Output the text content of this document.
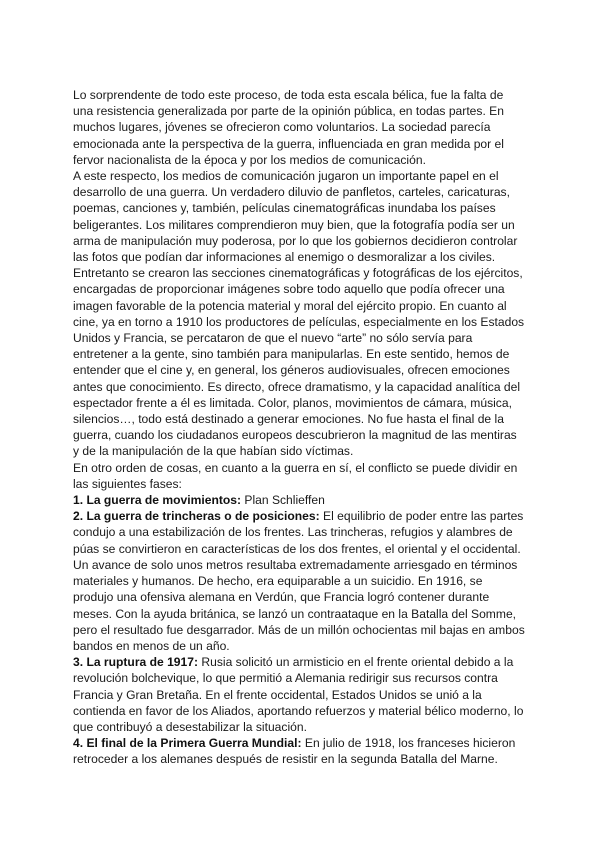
Lo sorprendente de todo este proceso, de toda esta escala bélica, fue la falta de una resistencia generalizada por parte de la opinión pública, en todas partes. En muchos lugares, jóvenes se ofrecieron como voluntarios. La sociedad parecía emocionada ante la perspectiva de la guerra, influenciada en gran medida por el fervor nacionalista de la época y por los medios de comunicación.

A este respecto, los medios de comunicación jugaron un importante papel en el desarrollo de una guerra. Un verdadero diluvio de panfletos, carteles, caricaturas, poemas, canciones y, también, películas cinematográficas inundaba los países beligerantes. Los militares comprendieron muy bien, que la fotografía podía ser un arma de manipulación muy poderosa, por lo que los gobiernos decidieron controlar las fotos que podían dar informaciones al enemigo o desmoralizar a los civiles. Entretanto se crearon las secciones cinematográficas y fotográficas de los ejércitos, encargadas de proporcionar imágenes sobre todo aquello que podía ofrecer una imagen favorable de la potencia material y moral del ejército propio. En cuanto al cine, ya en torno a 1910 los productores de películas, especialmente en los Estados Unidos y Francia, se percataron de que el nuevo “arte” no sólo servía para entretener a la gente, sino también para manipularlas. En este sentido, hemos de entender que el cine y, en general, los géneros audiovisuales, ofrecen emociones antes que conocimiento. Es directo, ofrece dramatismo, y la capacidad analítica del espectador frente a él es limitada. Color, planos, movimientos de cámara, música, silencios…, todo está destinado a generar emociones. No fue hasta el final de la guerra, cuando los ciudadanos europeos descubrieron la magnitud de las mentiras y de la manipulación de la que habían sido víctimas.

En otro orden de cosas, en cuanto a la guerra en sí, el conflicto se puede dividir en las siguientes fases:

1. La guerra de movimientos: Plan Schlieffen

2. La guerra de trincheras o de posiciones: El equilibrio de poder entre las partes condujo a una estabilización de los frentes. Las trincheras, refugios y alambres de púas se convirtieron en características de los dos frentes, el oriental y el occidental. Un avance de solo unos metros resultaba extremadamente arriesgado en términos materiales y humanos. De hecho, era equiparable a un suicidio. En 1916, se produjo una ofensiva alemana en Verdún, que Francia logró contener durante meses. Con la ayuda británica, se lanzó un contraataque en la Batalla del Somme, pero el resultado fue desgarrador. Más de un millón ochocientas mil bajas en ambos bandos en menos de un año.

3. La ruptura de 1917: Rusia solicitó un armisticio en el frente oriental debido a la revolución bolchevique, lo que permitió a Alemania redirigir sus recursos contra Francia y Gran Bretaña. En el frente occidental, Estados Unidos se unió a la contienda en favor de los Aliados, aportando refuerzos y material bélico moderno, lo que contribuyó a desestabilizar la situación.

4. El final de la Primera Guerra Mundial: En julio de 1918, los franceses hicieron retroceder a los alemanes después de resistir en la segunda Batalla del Marne.
